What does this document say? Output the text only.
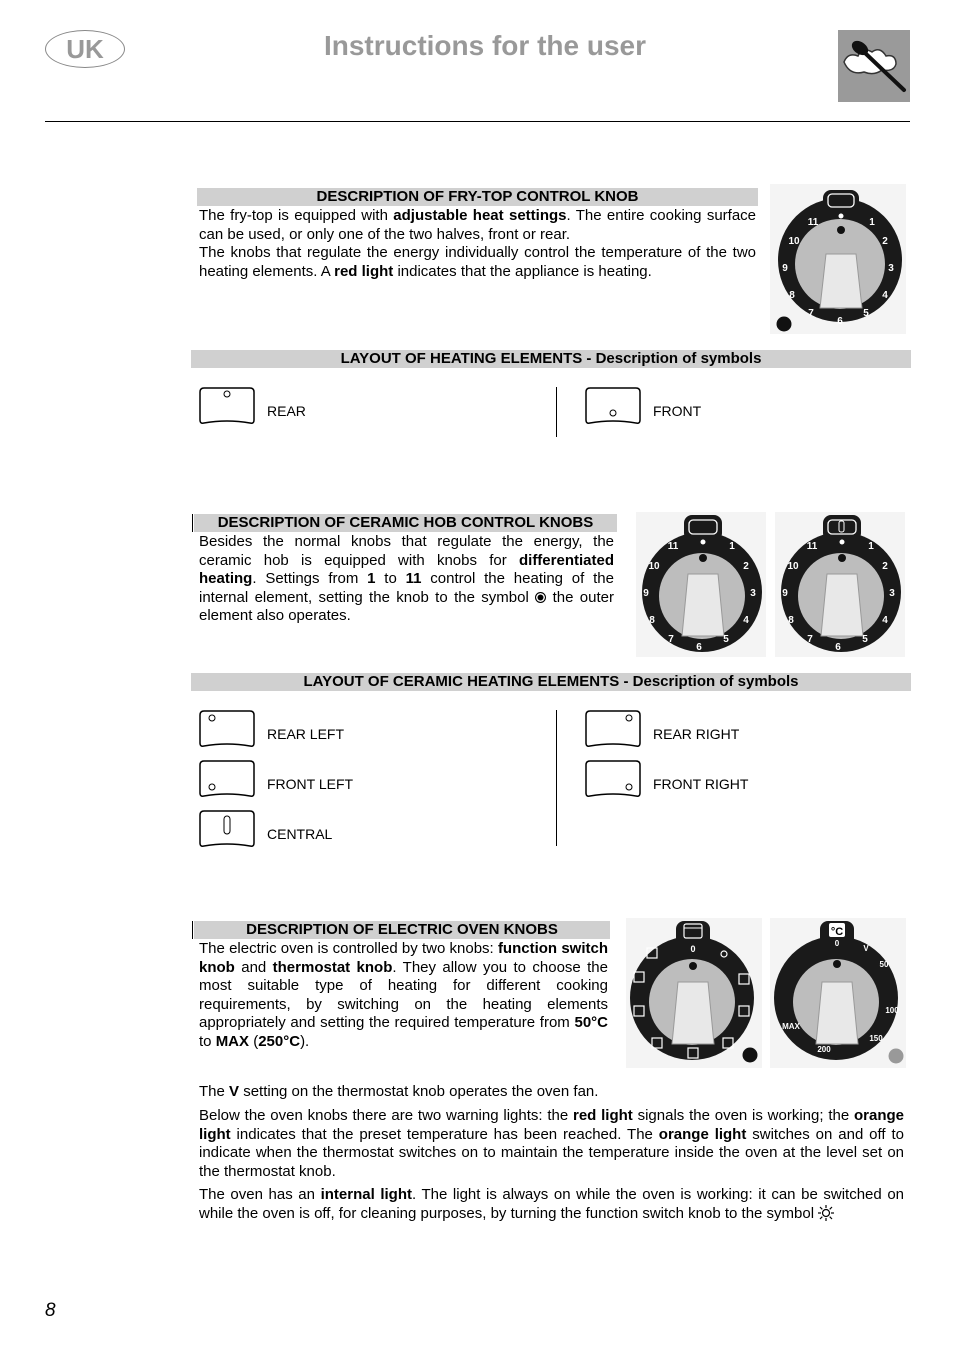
UK	Instructions for the user
DESCRIPTION OF FRY-TOP CONTROL KNOB
The fry-top is equipped with adjustable heat settings. The entire cooking surface can be used, or only one of the two halves, front or rear.
The knobs that regulate the energy individually control the temperature of the two heating elements. A red light indicates that the appliance is heating.
1
2
3
4
5
6
7
8
9
10
11
LAYOUT OF HEATING ELEMENTS - Description of symbols
REAR	FRONT
DESCRIPTION OF CERAMIC HOB CONTROL KNOBS
Besides the normal knobs that regulate the energy, the ceramic hob is equipped with knobs for differentiated heating. Settings from 1 to 11 control the heating of the internal element, setting the knob to the symbol  the outer element also operates.
1
2
3
4
5
6
7
8
9
10
11	1
2
3
4
5
6
7
8
9
10
11
LAYOUT OF CERAMIC HEATING ELEMENTS - Description of symbols
REAR LEFT
FRONT LEFT
CENTRAL
REAR RIGHT
FRONT RIGHT
DESCRIPTION OF ELECTRIC OVEN KNOBS
The electric oven is controlled by two knobs: function switch knob and thermostat knob. They allow you to choose the most suitable type of heating for different cooking requirements, by switching on the heating elements appropriately and setting the required temperature from 50°C to MAX (250°C).
0
°C
0
V
50
100
150
200
MAX
The V setting on the thermostat knob operates the oven fan.
Below the oven knobs there are two warning lights: the red light signals the oven is working; the orange light indicates that the preset temperature has been reached. The orange light switches on and off to indicate when the thermostat switches on to maintain the temperature inside the oven at the level set on the thermostat knob.
The oven has an internal light. The light is always on while the oven is working: it can be switched on while the oven is off, for cleaning purposes, by turning the function switch knob to the symbol
8
